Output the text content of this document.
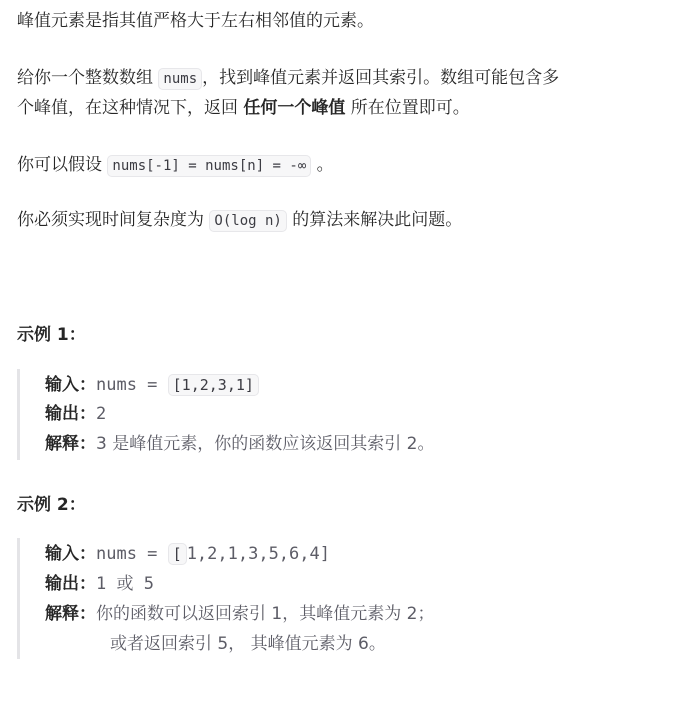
峰值元素是指其值严格大于左右相邻值的元素。
给你一个整数数组 nums ，找到峰值元素并返回其索引。数组可能包含多
个峰值，在这种情况下，返回 任何一个峰值 所在位置即可。
你可以假设 nums[-1] = nums[n] = -∞ 。
你必须实现时间复杂度为 O(log n) 的算法来解决此问题。
示例 1：
输入：nums = [1,2,3,1]
输出：2
解释：3 是峰值元素，你的函数应该返回其索引 2。
示例 2：
输入：nums = [ 1,2,1,3,5,6,4]
输出：1 或 5
解释：你的函数可以返回索引 1，其峰值元素为 2；
或者返回索引 5， 其峰值元素为 6。
